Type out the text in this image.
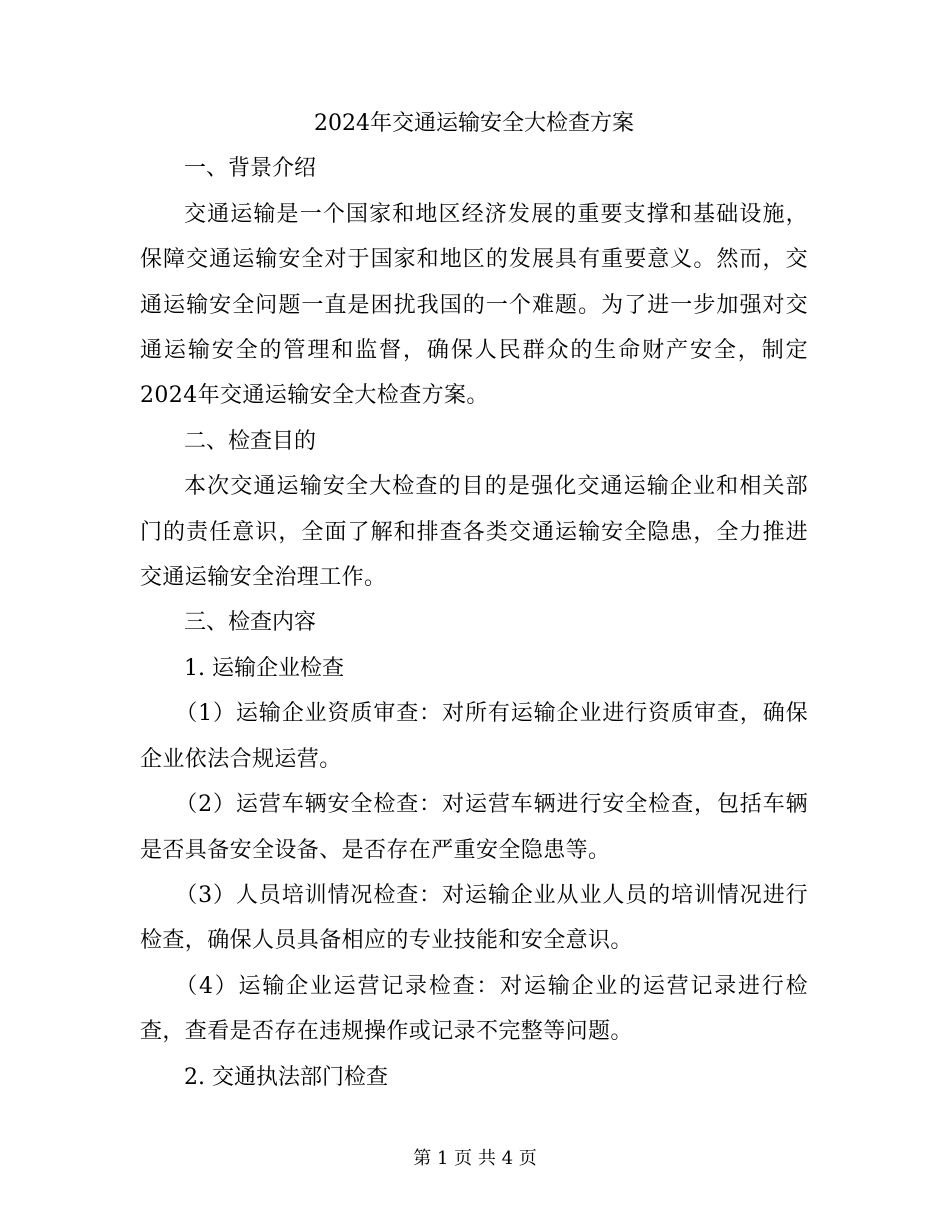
2024年交通运输安全大检查方案

一、背景介绍

交通运输是一个国家和地区经济发展的重要支撑和基础设施，保障交通运输安全对于国家和地区的发展具有重要意义。然而，交通运输安全问题一直是困扰我国的一个难题。为了进一步加强对交通运输安全的管理和监督，确保人民群众的生命财产安全，制定2024年交通运输安全大检查方案。

二、检查目的

本次交通运输安全大检查的目的是强化交通运输企业和相关部门的责任意识，全面了解和排查各类交通运输安全隐患，全力推进交通运输安全治理工作。

三、检查内容

1. 运输企业检查

（1）运输企业资质审查：对所有运输企业进行资质审查，确保企业依法合规运营。

（2）运营车辆安全检查：对运营车辆进行安全检查，包括车辆是否具备安全设备、是否存在严重安全隐患等。

（3）人员培训情况检查：对运输企业从业人员的培训情况进行检查，确保人员具备相应的专业技能和安全意识。

（4）运输企业运营记录检查：对运输企业的运营记录进行检查，查看是否存在违规操作或记录不完整等问题。

2. 交通执法部门检查

第 1 页 共 4 页
